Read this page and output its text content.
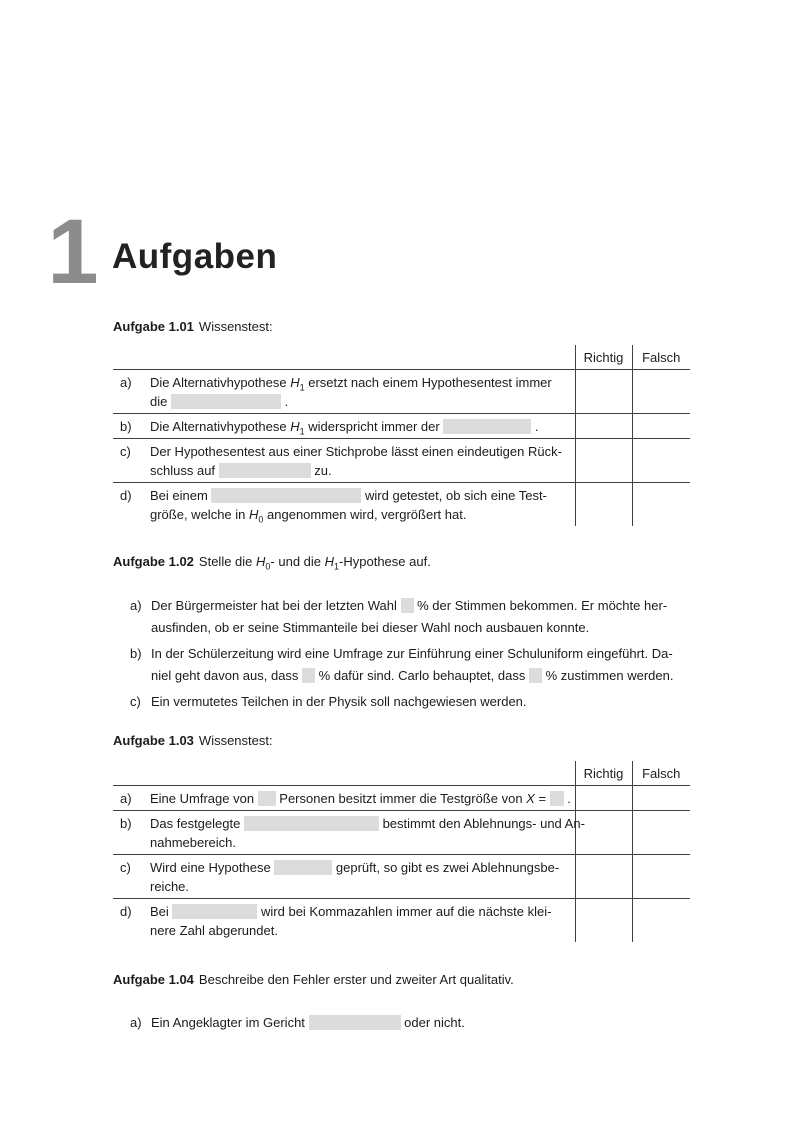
1 Aufgaben
Aufgabe 1.01 Wissenstest:
	Richtig	Falsch

a) Die Alternativhypothese $H_1$ ersetzt nach einem Hypothesentest immer
die .		

b) Die Alternativhypothese $H_1$ widerspricht immer der .		

c) Der Hypothesentest aus einer Stichprobe lässt einen eindeutigen Rück-
schluss auf zu.		

d) Bei einem wird getestet, ob sich eine Test-
größe, welche in $H_0$ angenommen wird, vergrößert hat.		
Aufgabe 1.02 Stelle die $H_0-$ und die $H_1$-Hypothese auf.
a) Der Bürgermeister hat bei der letzten Wahl  % der Stimmen bekommen. Er möchte her-
ausfinden, ob er seine Stimmanteile bei dieser Wahl noch ausbauen konnte.
b) In der Schülerzeitung wird eine Umfrage zur Einführung einer Schuluniform eingeführt. Da-
niel geht davon aus, dass  % dafür sind. Carlo behauptet, dass  % zustimmen werden.
c) Ein vermutetes Teilchen in der Physik soll nachgewiesen werden.
Aufgabe 1.03 Wissenstest:
	Richtig	Falsch

a) Eine Umfrage von  Personen besitzt immer die Testgröße von X =  .		

b) Das festgelegte bestimmt den Ablehnungs- und An-
nahmebereich.		

c) Wird eine Hypothese geprüft, so gibt es zwei Ablehnungsbe-
reiche.		

d) Bei wird bei Kommazahlen immer auf die nächste klei-
nere Zahl abgerundet.		
Aufgabe 1.04 Beschreibe den Fehler erster und zweiter Art qualitativ.
a) Ein Angeklagter im Gericht	oder nicht.
